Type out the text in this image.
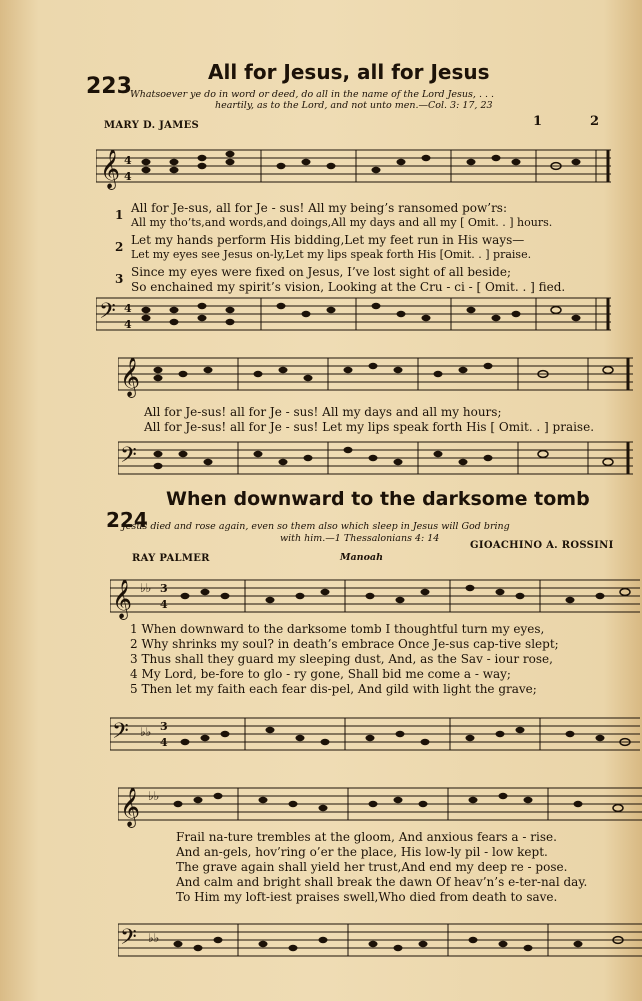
223
All for Jesus, all for Jesus
Whatsoever ye do in word or deed, do all in the name of the Lord Jesus, . . .
heartily, as to the Lord, and not unto men.—Col. 3: 17, 23
MARY D. JAMES	1	2
𝄞 4
4
1
2
3
All for Je-sus, all for Je - sus! All my being’s ransomed pow’rs:
All my tho’ts,and words,and doings,All my days and all my [ Omit. . ] hours.
Let my hands perform His bidding,Let my feet run in His ways—
Let my eyes see Jesus on-ly,Let my lips speak forth His [Omit. . ] praise.
Since my eyes were fixed on Jesus, I’ve lost sight of all beside;
So enchained my spirit’s vision, Looking at the Cru - ci - [ Omit. . ] fied.
𝄢 4
4
𝄞
All for Je-sus! all for Je - sus! All my days and all my hours;
All for Je-sus! all for Je - sus! Let my lips speak forth His [ Omit. . ] praise.
𝄢
224
When downward to the darksome tomb
Jesus died and rose again, even so them also which sleep in Jesus will God bring
with him.—1 Thessalonians 4: 14
RAY PALMER	Manoah
GIOACHINO A. ROSSINI
𝄞 ♭♭ 3
4
1 When downward to the darksome tomb I thoughtful turn my eyes,
2 Why shrinks my soul? in death’s embrace Once Je-sus cap-tive slept;
3 Thus shall they guard my sleeping dust, And, as the Sav - iour rose,
4 My Lord, be-fore to glo - ry gone, Shall bid me come a - way;
5 Then let my faith each fear dis-pel, And gild with light the grave;
𝄢 ♭♭ 3
4
𝄞 ♭♭
Frail na-ture trembles at the gloom, And anxious fears a - rise.
And an-gels, hov’ring o’er the place, His low-ly pil - low kept.
The grave again shall yield her trust,And end my deep re - pose.
And calm and bright shall break the dawn Of heav’n’s e-ter-nal day.
To Him my loft-iest praises swell,Who died from death to save.
𝄢 ♭♭
